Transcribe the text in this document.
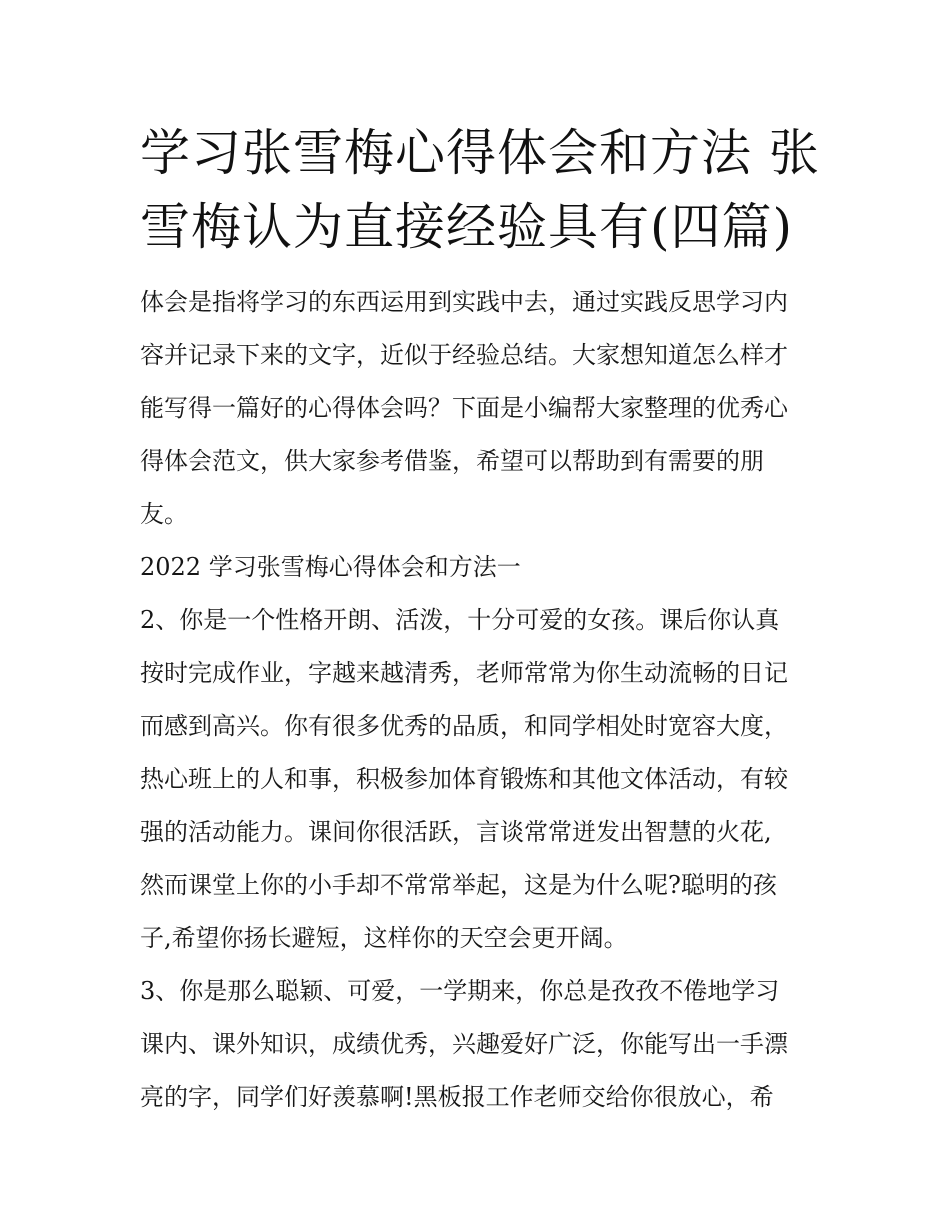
学习张雪梅心得体会和方法 张
雪梅认为直接经验具有(四篇)
体会是指将学习的东西运用到实践中去，通过实践反思学习内
容并记录下来的文字，近似于经验总结。大家想知道怎么样才
能写得一篇好的心得体会吗？下面是小编帮大家整理的优秀心
得体会范文，供大家参考借鉴，希望可以帮助到有需要的朋
友。
2022 学习张雪梅心得体会和方法一
2、你是一个性格开朗、活泼，十分可爱的女孩。课后你认真
按时完成作业，字越来越清秀，老师常常为你生动流畅的日记
而感到高兴。你有很多优秀的品质，和同学相处时宽容大度，
热心班上的人和事，积极参加体育锻炼和其他文体活动，有较
强的活动能力。课间你很活跃，言谈常常迸发出智慧的火花,
然而课堂上你的小手却不常常举起，这是为什么呢?聪明的孩
子,希望你扬长避短，这样你的天空会更开阔。
3、你是那么聪颖、可爱，一学期来，你总是孜孜不倦地学习
课内、课外知识，成绩优秀，兴趣爱好广泛，你能写出一手漂
亮的字，同学们好羡慕啊!黑板报工作老师交给你很放心，希
